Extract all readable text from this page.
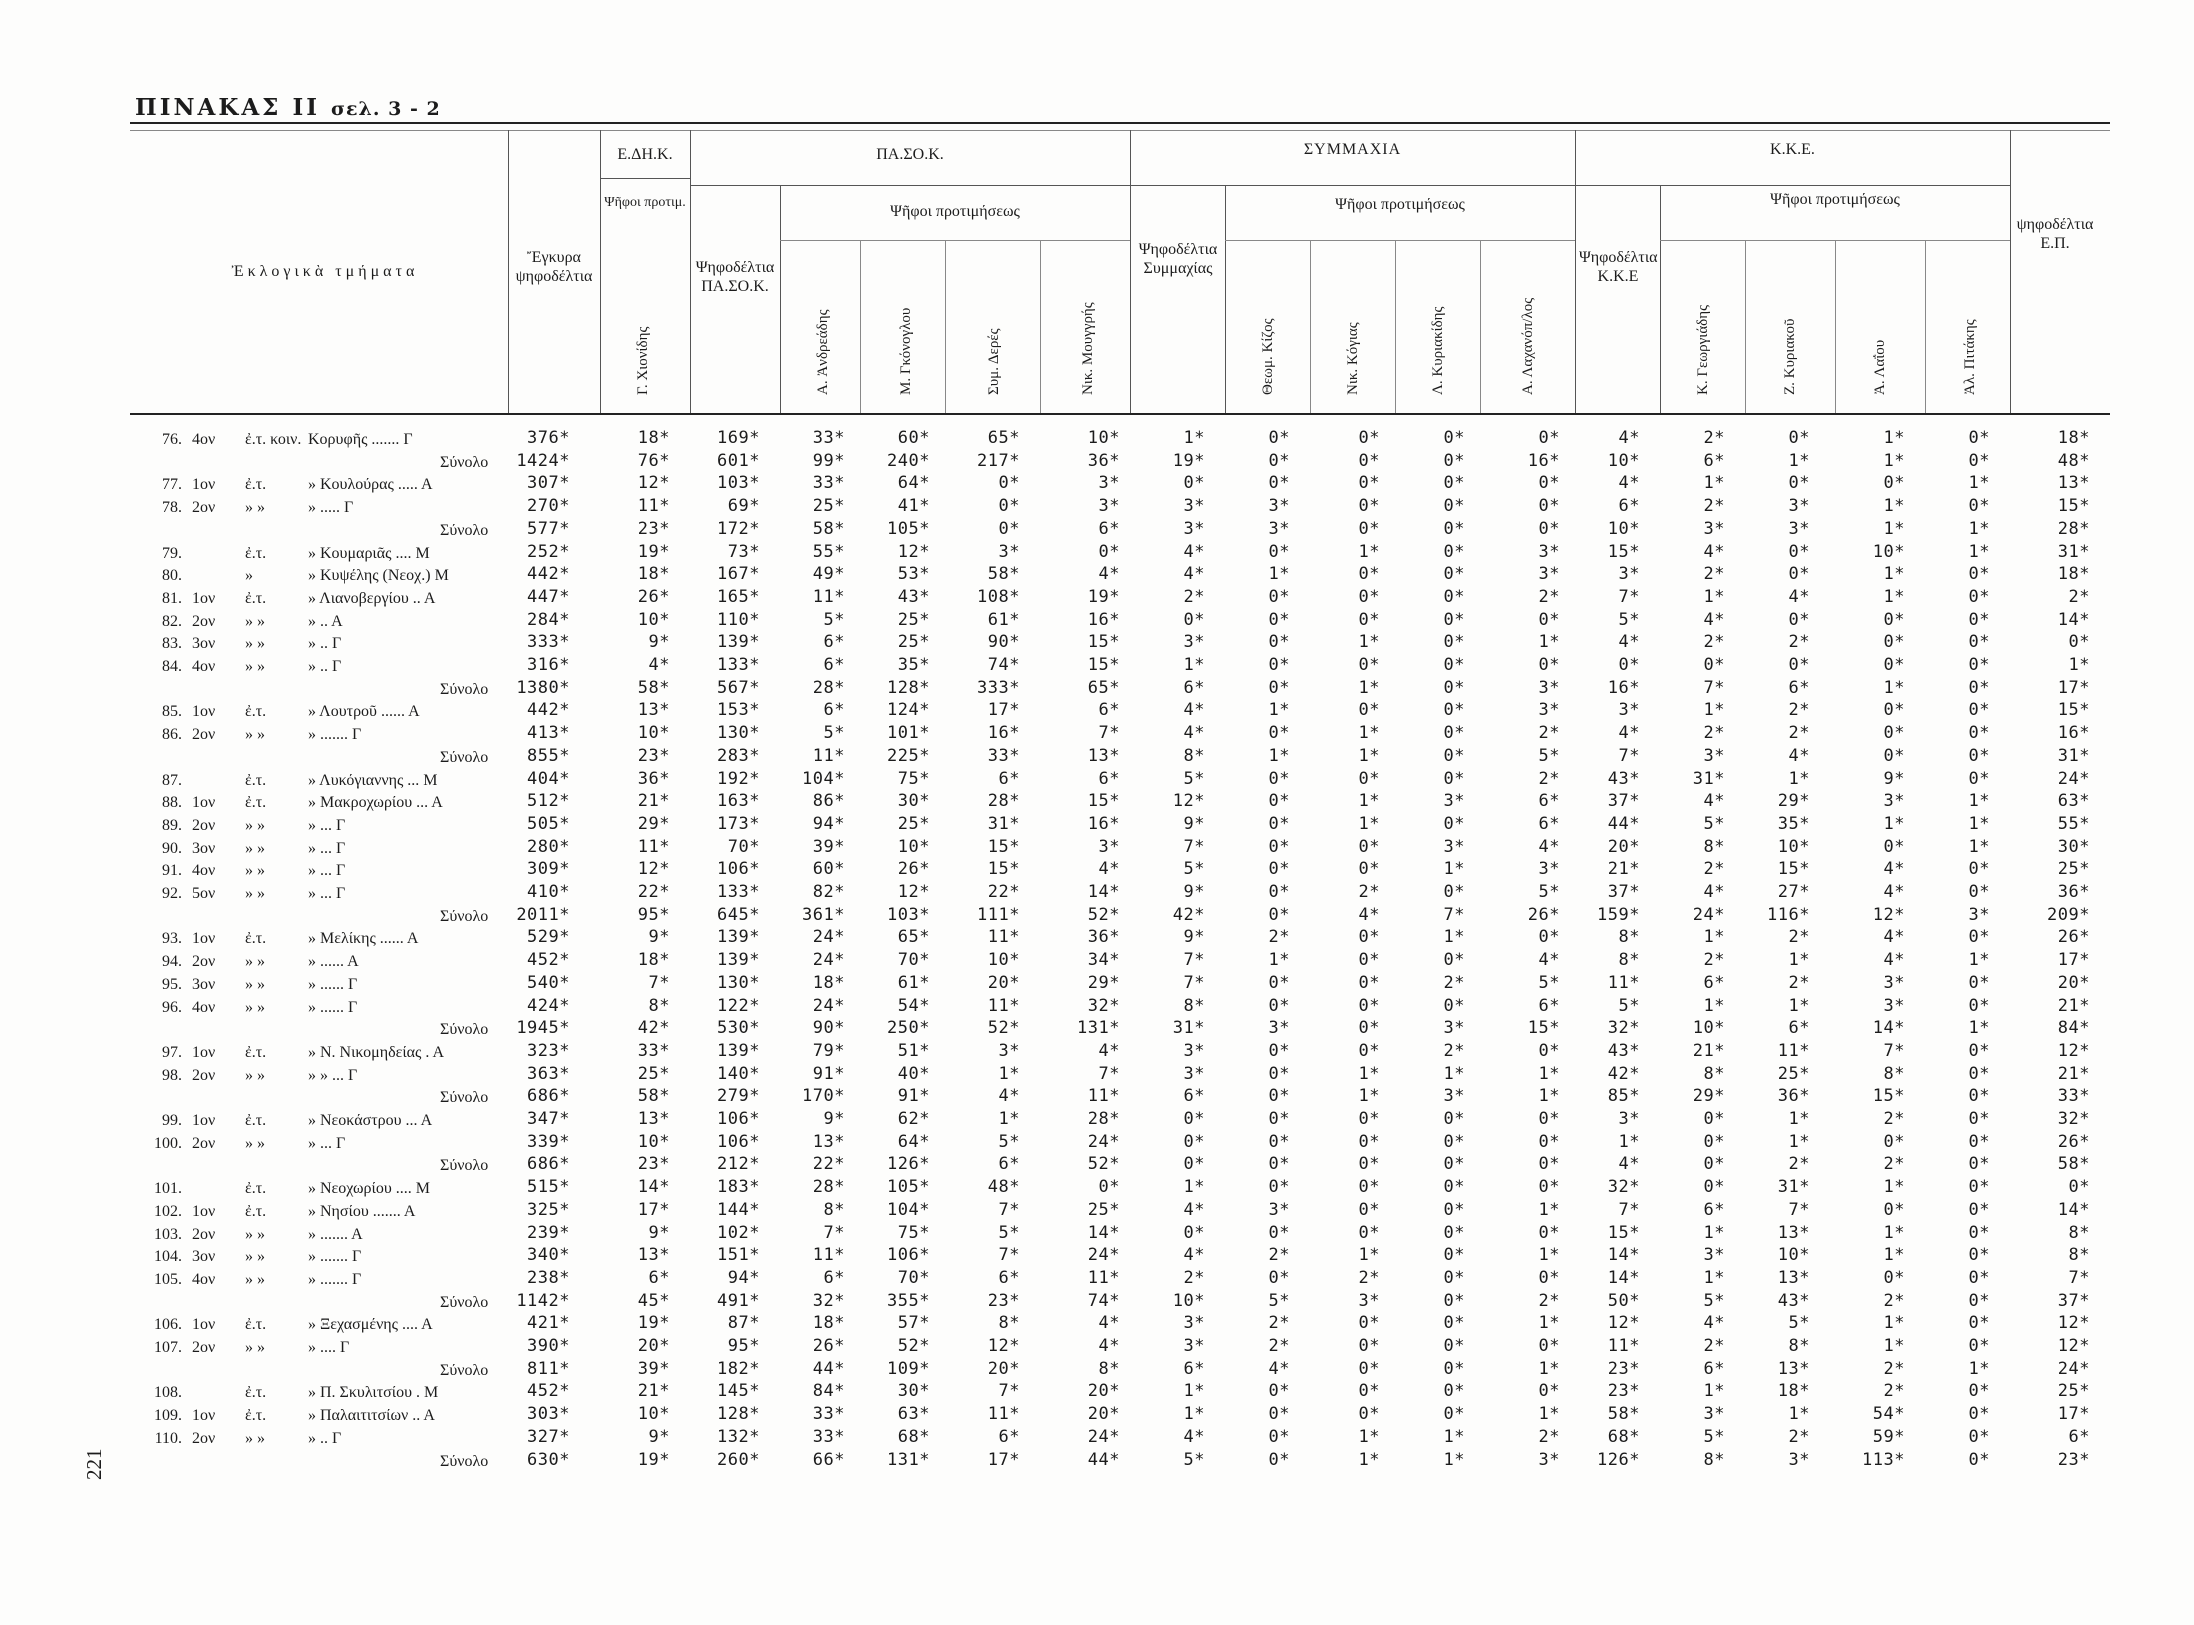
ΠΙΝΑΚΑΣ ΙΙ σελ. 3 - 2
221
Ἐκλογικὰ τμήματα
Ἔγκυρα ψηφοδέλτια
Ε.ΔΗ.Κ.
Ψῆφοι προτιμ.
ΠΑ.ΣΟ.Κ.
Ψηφοδέλτια ΠΑ.ΣΟ.Κ.
Ψῆφοι προτιμήσεως
ΣΥΜΜΑΧΙΑ
Ψηφοδέλτια Συμμαχίας
Ψῆφοι προτιμήσεως
Κ.Κ.Ε.
Ψηφοδέλτια Κ.Κ.Ε
Ψῆφοι προτιμήσεως
ψηφοδέλτια Ε.Π.
Γ. Χιονίδης	Α. Ἀνδρεάδης	Μ. Γκόνογλου	Συμ. Δερές	Νικ. Μουγγρής	Θεωμ. Κίζος	Νικ. Κόγιας	Λ. Κυριακίδης	Α. Λαχανόπ/λος	Κ. Γεωργιάδης	Ζ. Κυριακοῦ	Ἀ. Λαΐου	Ἀλ. Πιτάκης
76. 4ον ἐ.τ. κοιν. Κορυφῆς ....... Γ	376*	18*	169*	33*	60*	65*	10*	1*	0*	0*	0*	0*	4*	2*	0*	1*	0*	18*
Σύνολο	1424*	76*	601*	99*	240*	217*	36*	19*	0*	0*	0*	16*	10*	6*	1*	1*	0*	48*
77. 1ον ἐ.τ.	» Κουλούρας ..... Α	307*	12*	103*	33*	64*	0*	3*	0*	0*	0*	0*	0*	4*	1*	0*	0*	1*	13*
78. 2ον » »	» ..... Γ	270*	11*	69*	25*	41*	0*	3*	3*	3*	0*	0*	0*	6*	2*	3*	1*	0*	15*
Σύνολο	577*	23*	172*	58*	105*	0*	6*	3*	3*	0*	0*	0*	10*	3*	3*	1*	1*	28*
79.	ἐ.τ.	» Κουμαριᾶς .... Μ	252*	19*	73*	55*	12*	3*	0*	4*	0*	1*	0*	3*	15*	4*	0*	10*	1*	31*
80.	»	» Κυψέλης (Νεοχ.) Μ	442*	18*	167*	49*	53*	58*	4*	4*	1*	0*	0*	3*	3*	2*	0*	1*	0*	18*
81. 1ον ἐ.τ.	» Λιανοβεργίου .. Α	447*	26*	165*	11*	43*	108*	19*	2*	0*	0*	0*	2*	7*	1*	4*	1*	0*	2*
82. 2ον » »	» .. Α	284*	10*	110*	5*	25*	61*	16*	0*	0*	0*	0*	0*	5*	4*	0*	0*	0*	14*
83. 3ον » »	» .. Γ	333*	9*	139*	6*	25*	90*	15*	3*	0*	1*	0*	1*	4*	2*	2*	0*	0*	0*
84. 4ον » »	» .. Γ	316*	4*	133*	6*	35*	74*	15*	1*	0*	0*	0*	0*	0*	0*	0*	0*	0*	1*
Σύνολο	1380*	58*	567*	28*	128*	333*	65*	6*	0*	1*	0*	3*	16*	7*	6*	1*	0*	17*
85. 1ον ἐ.τ.	» Λουτροῦ ...... Α	442*	13*	153*	6*	124*	17*	6*	4*	1*	0*	0*	3*	3*	1*	2*	0*	0*	15*
86. 2ον » »	» ....... Γ	413*	10*	130*	5*	101*	16*	7*	4*	0*	1*	0*	2*	4*	2*	2*	0*	0*	16*
Σύνολο	855*	23*	283*	11*	225*	33*	13*	8*	1*	1*	0*	5*	7*	3*	4*	0*	0*	31*
87.	ἐ.τ.	» Λυκόγιαννης ... Μ	404*	36*	192*	104*	75*	6*	6*	5*	0*	0*	0*	2*	43*	31*	1*	9*	0*	24*
88. 1ον ἐ.τ.	» Μακροχωρίου ... Α	512*	21*	163*	86*	30*	28*	15*	12*	0*	1*	3*	6*	37*	4*	29*	3*	1*	63*
89. 2ον » »	» ... Γ	505*	29*	173*	94*	25*	31*	16*	9*	0*	1*	0*	6*	44*	5*	35*	1*	1*	55*
90. 3ον » »	» ... Γ	280*	11*	70*	39*	10*	15*	3*	7*	0*	0*	3*	4*	20*	8*	10*	0*	1*	30*
91. 4ον » »	» ... Γ	309*	12*	106*	60*	26*	15*	4*	5*	0*	0*	1*	3*	21*	2*	15*	4*	0*	25*
92. 5ον » »	» ... Γ	410*	22*	133*	82*	12*	22*	14*	9*	0*	2*	0*	5*	37*	4*	27*	4*	0*	36*
Σύνολο	2011*	95*	645*	361*	103*	111*	52*	42*	0*	4*	7*	26*	159*	24*	116*	12*	3*	209*
93. 1ον ἐ.τ.	» Μελίκης ...... Α	529*	9*	139*	24*	65*	11*	36*	9*	2*	0*	1*	0*	8*	1*	2*	4*	0*	26*
94. 2ον » »	» ...... Α	452*	18*	139*	24*	70*	10*	34*	7*	1*	0*	0*	4*	8*	2*	1*	4*	1*	17*
95. 3ον » »	» ...... Γ	540*	7*	130*	18*	61*	20*	29*	7*	0*	0*	2*	5*	11*	6*	2*	3*	0*	20*
96. 4ον » »	» ...... Γ	424*	8*	122*	24*	54*	11*	32*	8*	0*	0*	0*	6*	5*	1*	1*	3*	0*	21*
Σύνολο	1945*	42*	530*	90*	250*	52*	131*	31*	3*	0*	3*	15*	32*	10*	6*	14*	1*	84*
97. 1ον ἐ.τ.	» Ν. Νικομηδείας . Α	323*	33*	139*	79*	51*	3*	4*	3*	0*	0*	2*	0*	43*	21*	11*	7*	0*	12*
98. 2ον » »	» » ... Γ	363*	25*	140*	91*	40*	1*	7*	3*	0*	1*	1*	1*	42*	8*	25*	8*	0*	21*
Σύνολο	686*	58*	279*	170*	91*	4*	11*	6*	0*	1*	3*	1*	85*	29*	36*	15*	0*	33*
99. 1ον ἐ.τ.	» Νεοκάστρου ... Α	347*	13*	106*	9*	62*	1*	28*	0*	0*	0*	0*	0*	3*	0*	1*	2*	0*	32*
100. 2ον » »	» ... Γ	339*	10*	106*	13*	64*	5*	24*	0*	0*	0*	0*	0*	1*	0*	1*	0*	0*	26*
Σύνολο	686*	23*	212*	22*	126*	6*	52*	0*	0*	0*	0*	0*	4*	0*	2*	2*	0*	58*
101.	ἐ.τ.	» Νεοχωρίου .... Μ	515*	14*	183*	28*	105*	48*	0*	1*	0*	0*	0*	0*	32*	0*	31*	1*	0*	0*
102. 1ον ἐ.τ.	» Νησίου ....... Α	325*	17*	144*	8*	104*	7*	25*	4*	3*	0*	0*	1*	7*	6*	7*	0*	0*	14*
103. 2ον » »	» ....... Α	239*	9*	102*	7*	75*	5*	14*	0*	0*	0*	0*	0*	15*	1*	13*	1*	0*	8*
104. 3ον » »	» ....... Γ	340*	13*	151*	11*	106*	7*	24*	4*	2*	1*	0*	1*	14*	3*	10*	1*	0*	8*
105. 4ον » »	» ....... Γ	238*	6*	94*	6*	70*	6*	11*	2*	0*	2*	0*	0*	14*	1*	13*	0*	0*	7*
Σύνολο	1142*	45*	491*	32*	355*	23*	74*	10*	5*	3*	0*	2*	50*	5*	43*	2*	0*	37*
106. 1ον ἐ.τ.	» Ξεχασμένης .... Α	421*	19*	87*	18*	57*	8*	4*	3*	2*	0*	0*	1*	12*	4*	5*	1*	0*	12*
107. 2ον » »	» .... Γ	390*	20*	95*	26*	52*	12*	4*	3*	2*	0*	0*	0*	11*	2*	8*	1*	0*	12*
Σύνολο	811*	39*	182*	44*	109*	20*	8*	6*	4*	0*	0*	1*	23*	6*	13*	2*	1*	24*
108.	ἐ.τ.	» Π. Σκυλιτσίου . Μ	452*	21*	145*	84*	30*	7*	20*	1*	0*	0*	0*	0*	23*	1*	18*	2*	0*	25*
109. 1ον ἐ.τ.	» Παλαιτιτσίων .. Α	303*	10*	128*	33*	63*	11*	20*	1*	0*	0*	0*	1*	58*	3*	1*	54*	0*	17*
110. 2ον » »	» .. Γ	327*	9*	132*	33*	68*	6*	24*	4*	0*	1*	1*	2*	68*	5*	2*	59*	0*	6*
Σύνολο	630*	19*	260*	66*	131*	17*	44*	5*	0*	1*	1*	3*	126*	8*	3*	113*	0*	23*
